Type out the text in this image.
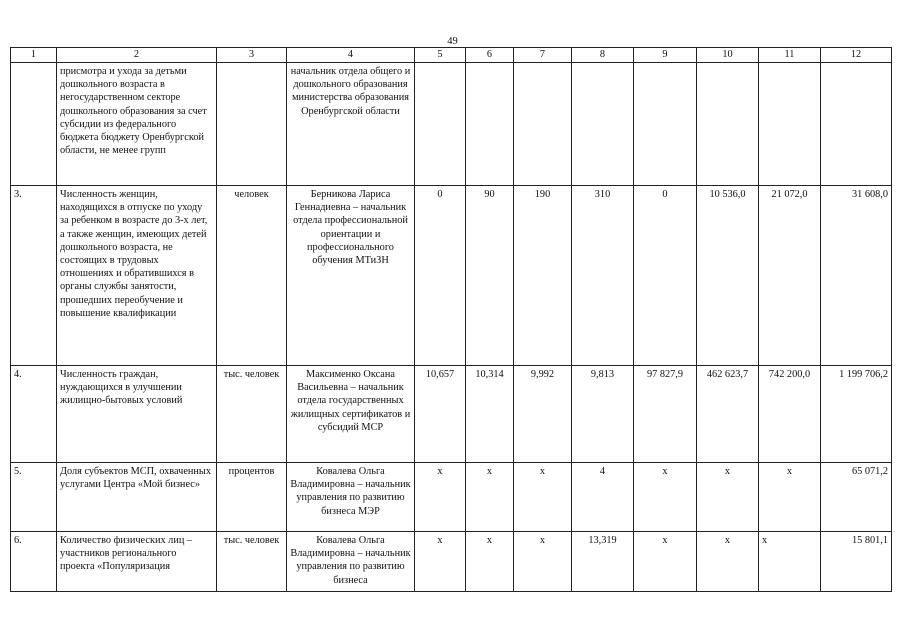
49
1	2	3	4	5	6	7	8	9	10	11	12
	присмотра и ухода за детьми дошкольного возраста в негосударственном секторе дошкольного образования за счет субсидии из федерального бюджета бюджету Оренбургской области, не менее групп		начальник отдела общего и дошкольного образования министерства образования Оренбургской области								
3.	Численность женщин, находящихся в отпуске по уходу за ребенком в возрасте до 3-х лет, а также женщин, имеющих детей дошкольного возраста, не состоящих в трудовых отношениях и обратившихся в органы службы занятости, прошедших переобучение и повышение квалификации	человек	Берникова Лариса Геннадиевна – начальник отдела профессиональной ориентации и профессионального обучения МТиЗН	0	90	190	310	0	10 536,0	21 072,0	31 608,0
4.	Численность граждан, нуждающихся в улучшении жилищно-бытовых условий	тыс. человек	Максименко Оксана Васильевна – начальник отдела государственных жилищных сертификатов и субсидий МСР	10,657	10,314	9,992	9,813	97 827,9	462 623,7	742 200,0	1 199 706,2
5.	Доля субъектов МСП, охваченных услугами Центра «Мой бизнес»	процентов	Ковалева Ольга Владимировна – начальник управления по развитию бизнеса МЭР	х	х	х	4	х	х	х	65 071,2
6.	Количество физических лиц – участников регионального проекта «Популяризация	тыс. человек	Ковалева Ольга Владимировна – начальник управления по развитию бизнеса	х	х	х	13,319	х	х	х	15 801,1
